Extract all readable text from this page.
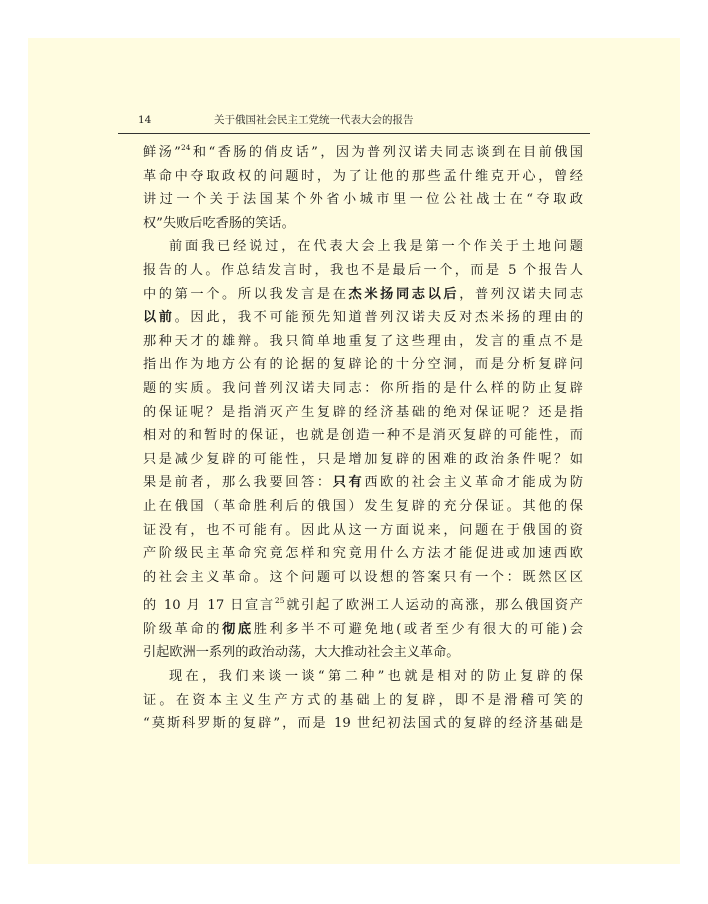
14	关于俄国社会民主工党统一代表大会的报告
鲜汤”$^{24}$和“香肠的俏皮话”，因为普列汉诺夫同志谈到在目前俄国
革命中夺取政权的问题时，为了让他的那些孟什维克开心，曾经
讲过一个关于法国某个外省小城市里一位公社战士在“夺取政
权”失败后吃香肠的笑话。
前面我已经说过，在代表大会上我是第一个作关于土地问题
报告的人。作总结发言时，我也不是最后一个，而是 5 个报告人
中的第一个。所以我发言是在杰米扬同志以后，普列汉诺夫同志
以前。因此，我不可能预先知道普列汉诺夫反对杰米扬的理由的
那种天才的雄辩。我只简单地重复了这些理由，发言的重点不是
指出作为地方公有的论据的复辟论的十分空洞，而是分析复辟问
题的实质。我问普列汉诺夫同志：你所指的是什么样的防止复辟
的保证呢？是指消灭产生复辟的经济基础的绝对保证呢？还是指
相对的和暂时的保证，也就是创造一种不是消灭复辟的可能性，而
只是减少复辟的可能性，只是增加复辟的困难的政治条件呢？如
果是前者，那么我要回答：只有西欧的社会主义革命才能成为防
止在俄国（革命胜利后的俄国）发生复辟的充分保证。其他的保
证没有，也不可能有。因此从这一方面说来，问题在于俄国的资
产阶级民主革命究竟怎样和究竟用什么方法才能促进或加速西欧
的社会主义革命。这个问题可以设想的答案只有一个：既然区区
的 10 月 17 日宣言$^{25}$就引起了欧洲工人运动的高涨，那么俄国资产
阶级革命的彻底胜利多半不可避免地(或者至少有很大的可能)会
引起欧洲一系列的政治动荡，大大推动社会主义革命。
现在，我们来谈一谈“第二种”也就是相对的防止复辟的保
证。在资本主义生产方式的基础上的复辟，即不是滑稽可笑的
“莫斯科罗斯的复辟”，而是 19 世纪初法国式的复辟的经济基础是
